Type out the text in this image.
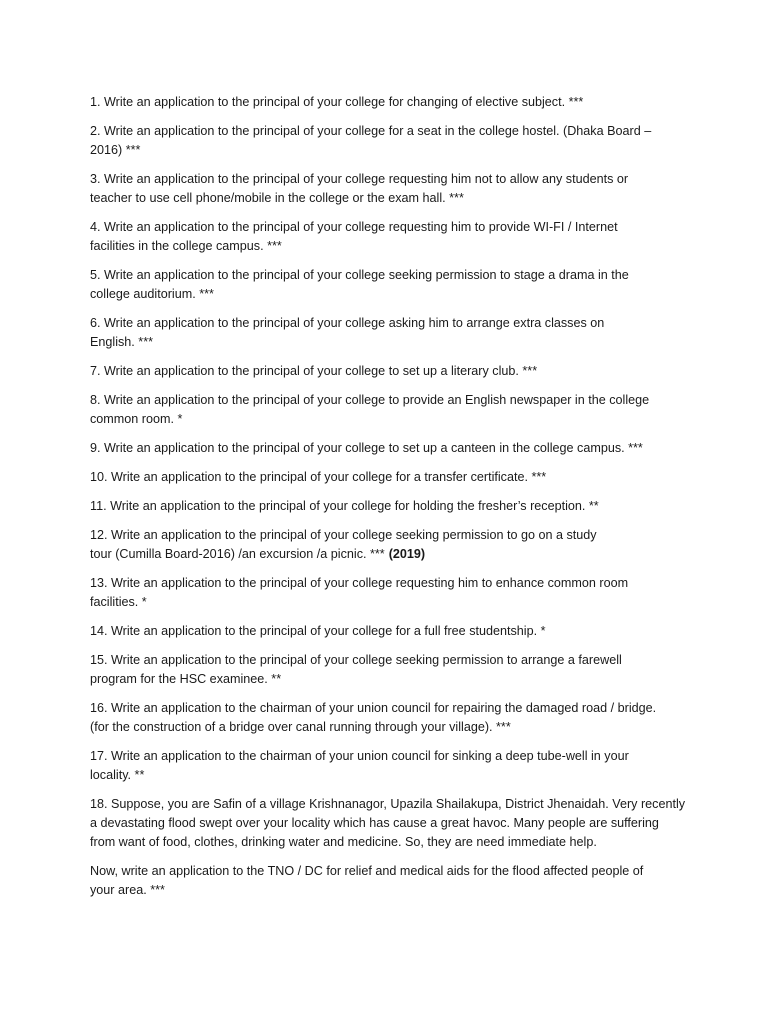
1. Write an application to the principal of your college for changing of elective subject. ***

2. Write an application to the principal of your college for a seat in the college hostel. (Dhaka Board –
2016) ***

3. Write an application to the principal of your college requesting him not to allow any students or
teacher to use cell phone/mobile in the college or the exam hall. ***

4. Write an application to the principal of your college requesting him to provide WI-FI / Internet
facilities in the college campus. ***

5. Write an application to the principal of your college seeking permission to stage a drama in the
college auditorium. ***

6. Write an application to the principal of your college asking him to arrange extra classes on
English. ***

7. Write an application to the principal of your college to set up a literary club. ***

8. Write an application to the principal of your college to provide an English newspaper in the college
common room. *

9. Write an application to the principal of your college to set up a canteen in the college campus. ***

10. Write an application to the principal of your college for a transfer certificate. ***

11. Write an application to the principal of your college for holding the fresher’s reception. **

12. Write an application to the principal of your college seeking permission to go on a study
tour (Cumilla Board-2016) /an excursion /a picnic. *** (2019)

13. Write an application to the principal of your college requesting him to enhance common room
facilities. *

14. Write an application to the principal of your college for a full free studentship. *

15. Write an application to the principal of your college seeking permission to arrange a farewell
program for the HSC examinee. **

16. Write an application to the chairman of your union council for repairing the damaged road / bridge.
(for the construction of a bridge over canal running through your village). ***

17. Write an application to the chairman of your union council for sinking a deep tube-well in your
locality. **

18. Suppose, you are Safin of a village Krishnanagor, Upazila Shailakupa, District Jhenaidah. Very recently
a devastating flood swept over your locality which has cause a great havoc. Many people are suffering
from want of food, clothes, drinking water and medicine. So, they are need immediate help.

Now, write an application to the TNO / DC for relief and medical aids for the flood affected people of
your area. ***
